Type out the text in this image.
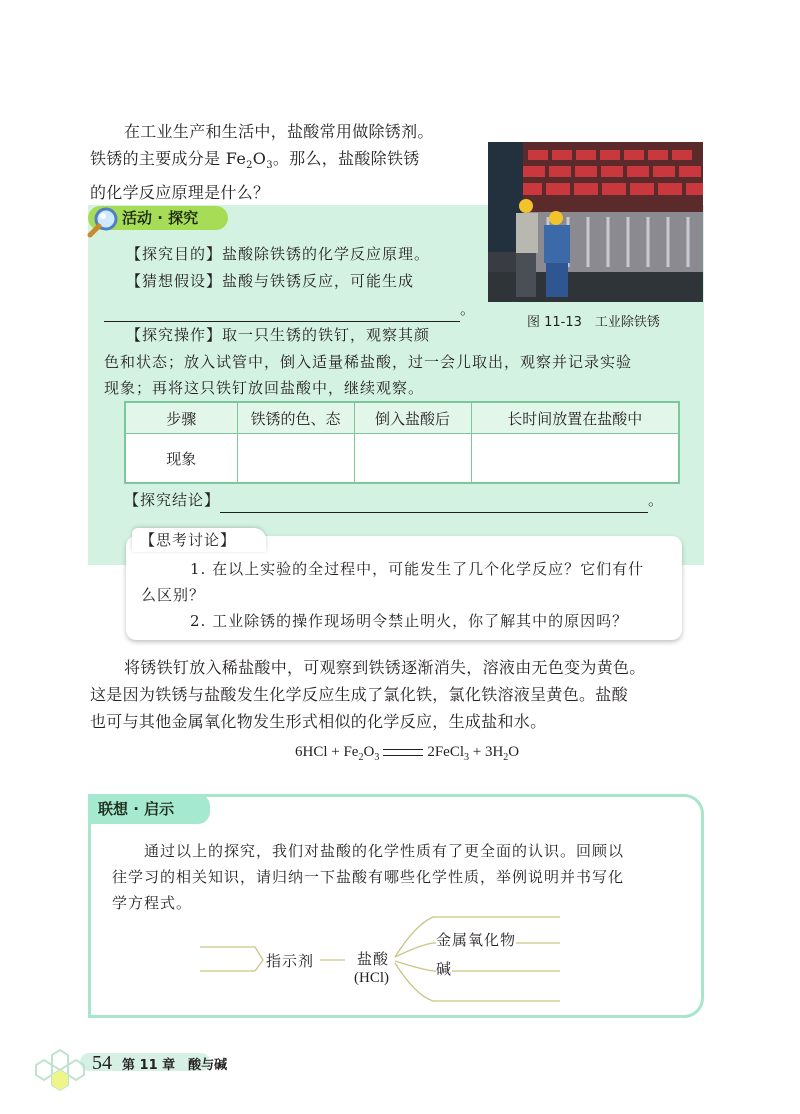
在工业生产和生活中，盐酸常用做除锈剂。
铁锈的主要成分是 $Fe_2O_3$。那么，盐酸除铁锈
的化学反应原理是什么？
图 11-13　工业除铁锈
活动 · 探究
【探究目的】盐酸除铁锈的化学反应原理。
【猜想假设】盐酸与铁锈反应，可能生成
。
【探究操作】取一只生锈的铁钉，观察其颜
色和状态；放入试管中，倒入适量稀盐酸，过一会儿取出，观察并记录实验
现象；再将这只铁钉放回盐酸中，继续观察。
步骤	铁锈的色、态	倒入盐酸后	长时间放置在盐酸中
现象			
【探究结论】	。
【思考讨论】
1. 在以上实验的全过程中，可能发生了几个化学反应？它们有什
么区别？
2. 工业除锈的操作现场明令禁止明火，你了解其中的原因吗？
将锈铁钉放入稀盐酸中，可观察到铁锈逐渐消失，溶液由无色变为黄色。
这是因为铁锈与盐酸发生化学反应生成了氯化铁，氯化铁溶液呈黄色。盐酸
也可与其他金属氧化物发生形式相似的化学反应，生成盐和水。
$6HCl + Fe_2O_3$	2FeCl$_3$ + $3H_2O$
联想 · 启示
通过以上的探究，我们对盐酸的化学性质有了更全面的认识。回顾以
往学习的相关知识，请归纳一下盐酸有哪些化学性质，举例说明并书写化
学方程式。
指示剂	盐酸
(HCl)
金属氧化物
碱
54 第 11 章　酸与碱
